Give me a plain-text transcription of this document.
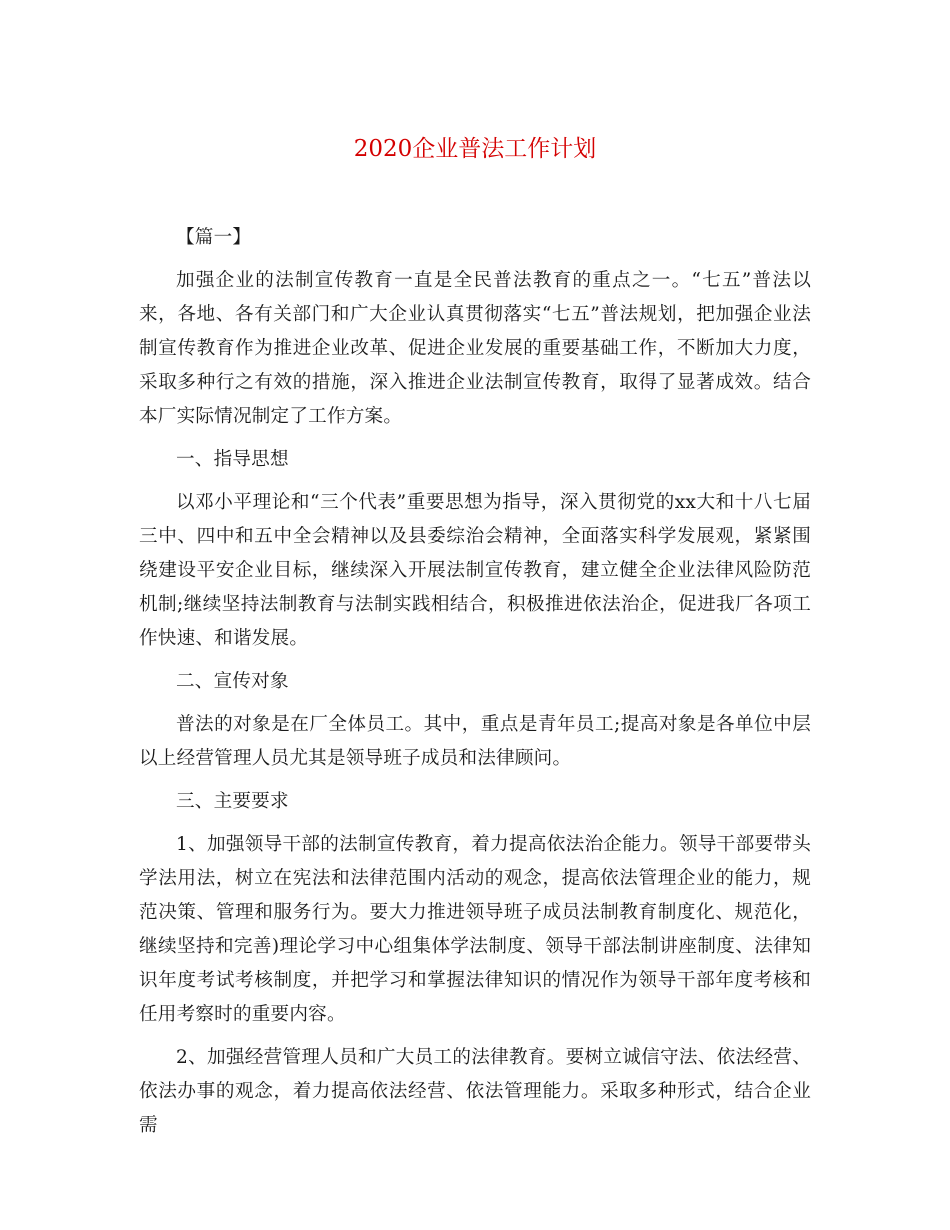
2020企业普法工作计划

【篇一】

加强企业的法制宣传教育一直是全民普法教育的重点之一。“七五”普法以来，各地、各有关部门和广大企业认真贯彻落实“七五”普法规划，把加强企业法制宣传教育作为推进企业改革、促进企业发展的重要基础工作，不断加大力度，采取多种行之有效的措施，深入推进企业法制宣传教育，取得了显著成效。结合本厂实际情况制定了工作方案。

一、指导思想

以邓小平理论和“三个代表”重要思想为指导，深入贯彻党的xx大和十八七届三中、四中和五中全会精神以及县委综治会精神，全面落实科学发展观，紧紧围绕建设平安企业目标，继续深入开展法制宣传教育，建立健全企业法律风险防范机制;继续坚持法制教育与法制实践相结合，积极推进依法治企，促进我厂各项工作快速、和谐发展。

二、宣传对象

普法的对象是在厂全体员工。其中，重点是青年员工;提高对象是各单位中层以上经营管理人员尤其是领导班子成员和法律顾问。

三、主要要求

1、加强领导干部的法制宣传教育，着力提高依法治企能力。领导干部要带头学法用法，树立在宪法和法律范围内活动的观念，提高依法管理企业的能力，规范决策、管理和服务行为。要大力推进领导班子成员法制教育制度化、规范化，继续坚持和完善)理论学习中心组集体学法制度、领导干部法制讲座制度、法律知识年度考试考核制度，并把学习和掌握法律知识的情况作为领导干部年度考核和任用考察时的重要内容。

2、加强经营管理人员和广大员工的法律教育。要树立诚信守法、依法经营、依法办事的观念，着力提高依法经营、依法管理能力。采取多种形式，结合企业需
